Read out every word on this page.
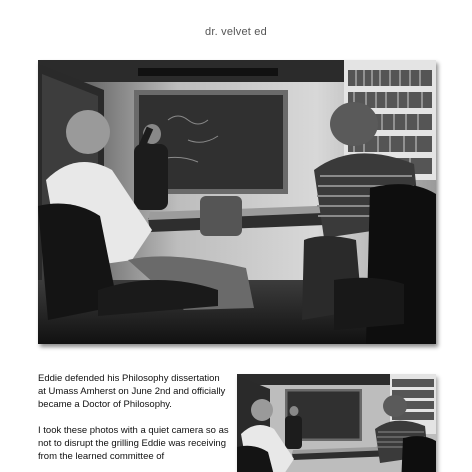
dr. velvet ed

Eddie defended his Philosophy dissertation at Umass Amherst on June 2nd and officially became a Doctor of Philosophy.

I took these photos with a quiet camera so as not to disrupt the grilling Eddie was receiving from the learned committee of
